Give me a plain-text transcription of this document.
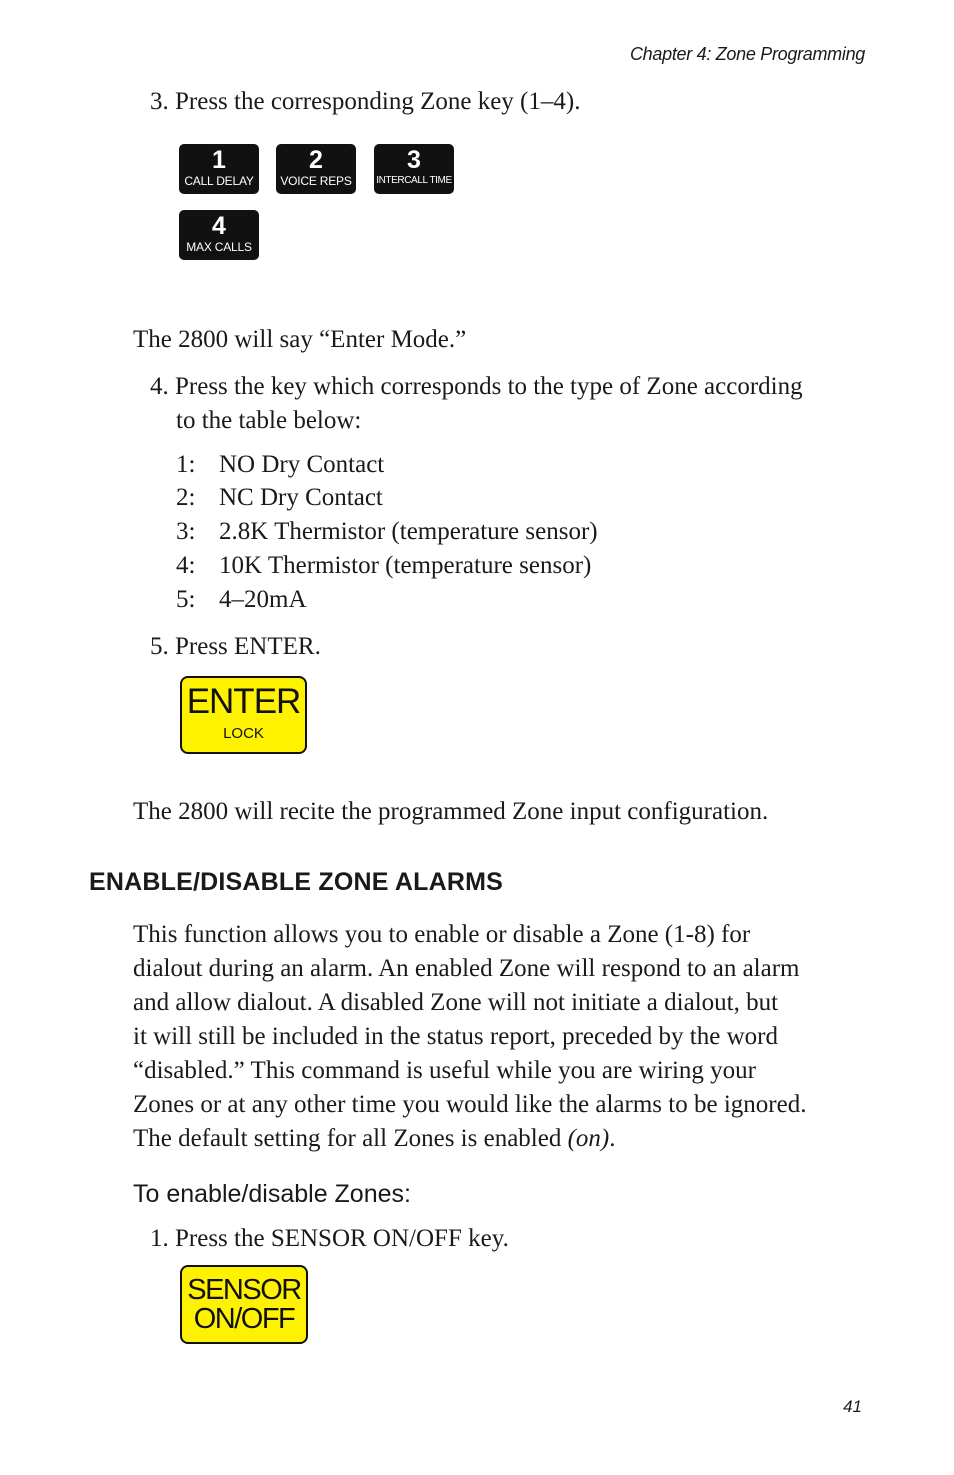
Chapter 4: Zone Programming
3. Press the corresponding Zone key (1–4).
1
CALL DELAY
2
VOICE REPS
3
INTERCALL TIME
4
MAX CALLS
The 2800 will say “Enter Mode.”
4. Press the key which corresponds to the type of Zone according
to the table below:
1: NO Dry Contact
2: NC Dry Contact
3: 2.8K Thermistor (temperature sensor)
4: 10K Thermistor (temperature sensor)
5: 4–20mA
5. Press ENTER.
ENTER
LOCK
The 2800 will recite the programmed Zone input configuration.
ENABLE/DISABLE ZONE ALARMS
This function allows you to enable or disable a Zone (1-8) for
dialout during an alarm. An enabled Zone will respond to an alarm
and allow dialout. A disabled Zone will not initiate a dialout, but
it will still be included in the status report, preceded by the word
“disabled.” This command is useful while you are wiring your
Zones or at any other time you would like the alarms to be ignored.
The default setting for all Zones is enabled (on).
To enable/disable Zones:
1. Press the SENSOR ON/OFF key.
SENSOR
ON/OFF
41
